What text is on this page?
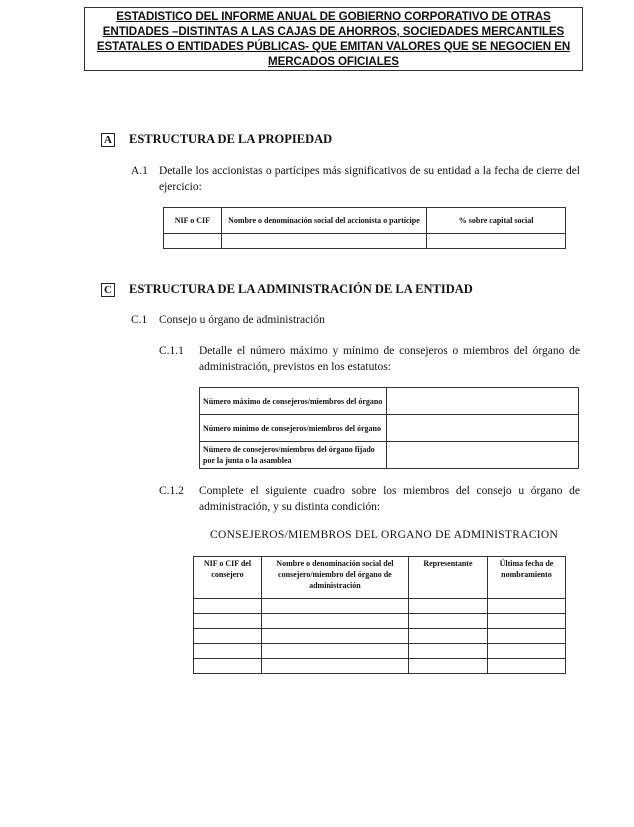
ESTADISTICO DEL INFORME ANUAL DE GOBIERNO CORPORATIVO DE OTRAS
ENTIDADES –DISTINTAS A LAS CAJAS DE AHORROS, SOCIEDADES MERCANTILES
ESTATALES O ENTIDADES PÚBLICAS- QUE EMITAN VALORES QUE SE NEGOCIEN EN
MERCADOS OFICIALES
A ESTRUCTURA DE LA PROPIEDAD
A.1 Detalle los accionistas o partícipes más significativos de su entidad a la fecha de cierre del ejercicio:
NIF o CIF	Nombre o denominación social del accionista o partícipe	% sobre capital social

C ESTRUCTURA DE LA ADMINISTRACIÓN DE LA ENTIDAD
C.1 Consejo u órgano de administración
C.1.1 Detalle el número máximo y mínimo de consejeros o miembros del órgano de administración, previstos en los estatutos:
Número máximo de consejeros/miembros del órgano	
Número mínimo de consejeros/miembros del órgano	
Número de consejeros/miembros del órgano fijado por la junta o la asamblea	
C.1.2 Complete el siguiente cuadro sobre los miembros del consejo u órgano de administración, y su distinta condición:
CONSEJEROS/MIEMBROS DEL ORGANO DE ADMINISTRACION
NIF o CIF del consejero	Nombre o denominación social del consejero/miembro del órgano de administración	Representante	Última fecha de nombramiento
